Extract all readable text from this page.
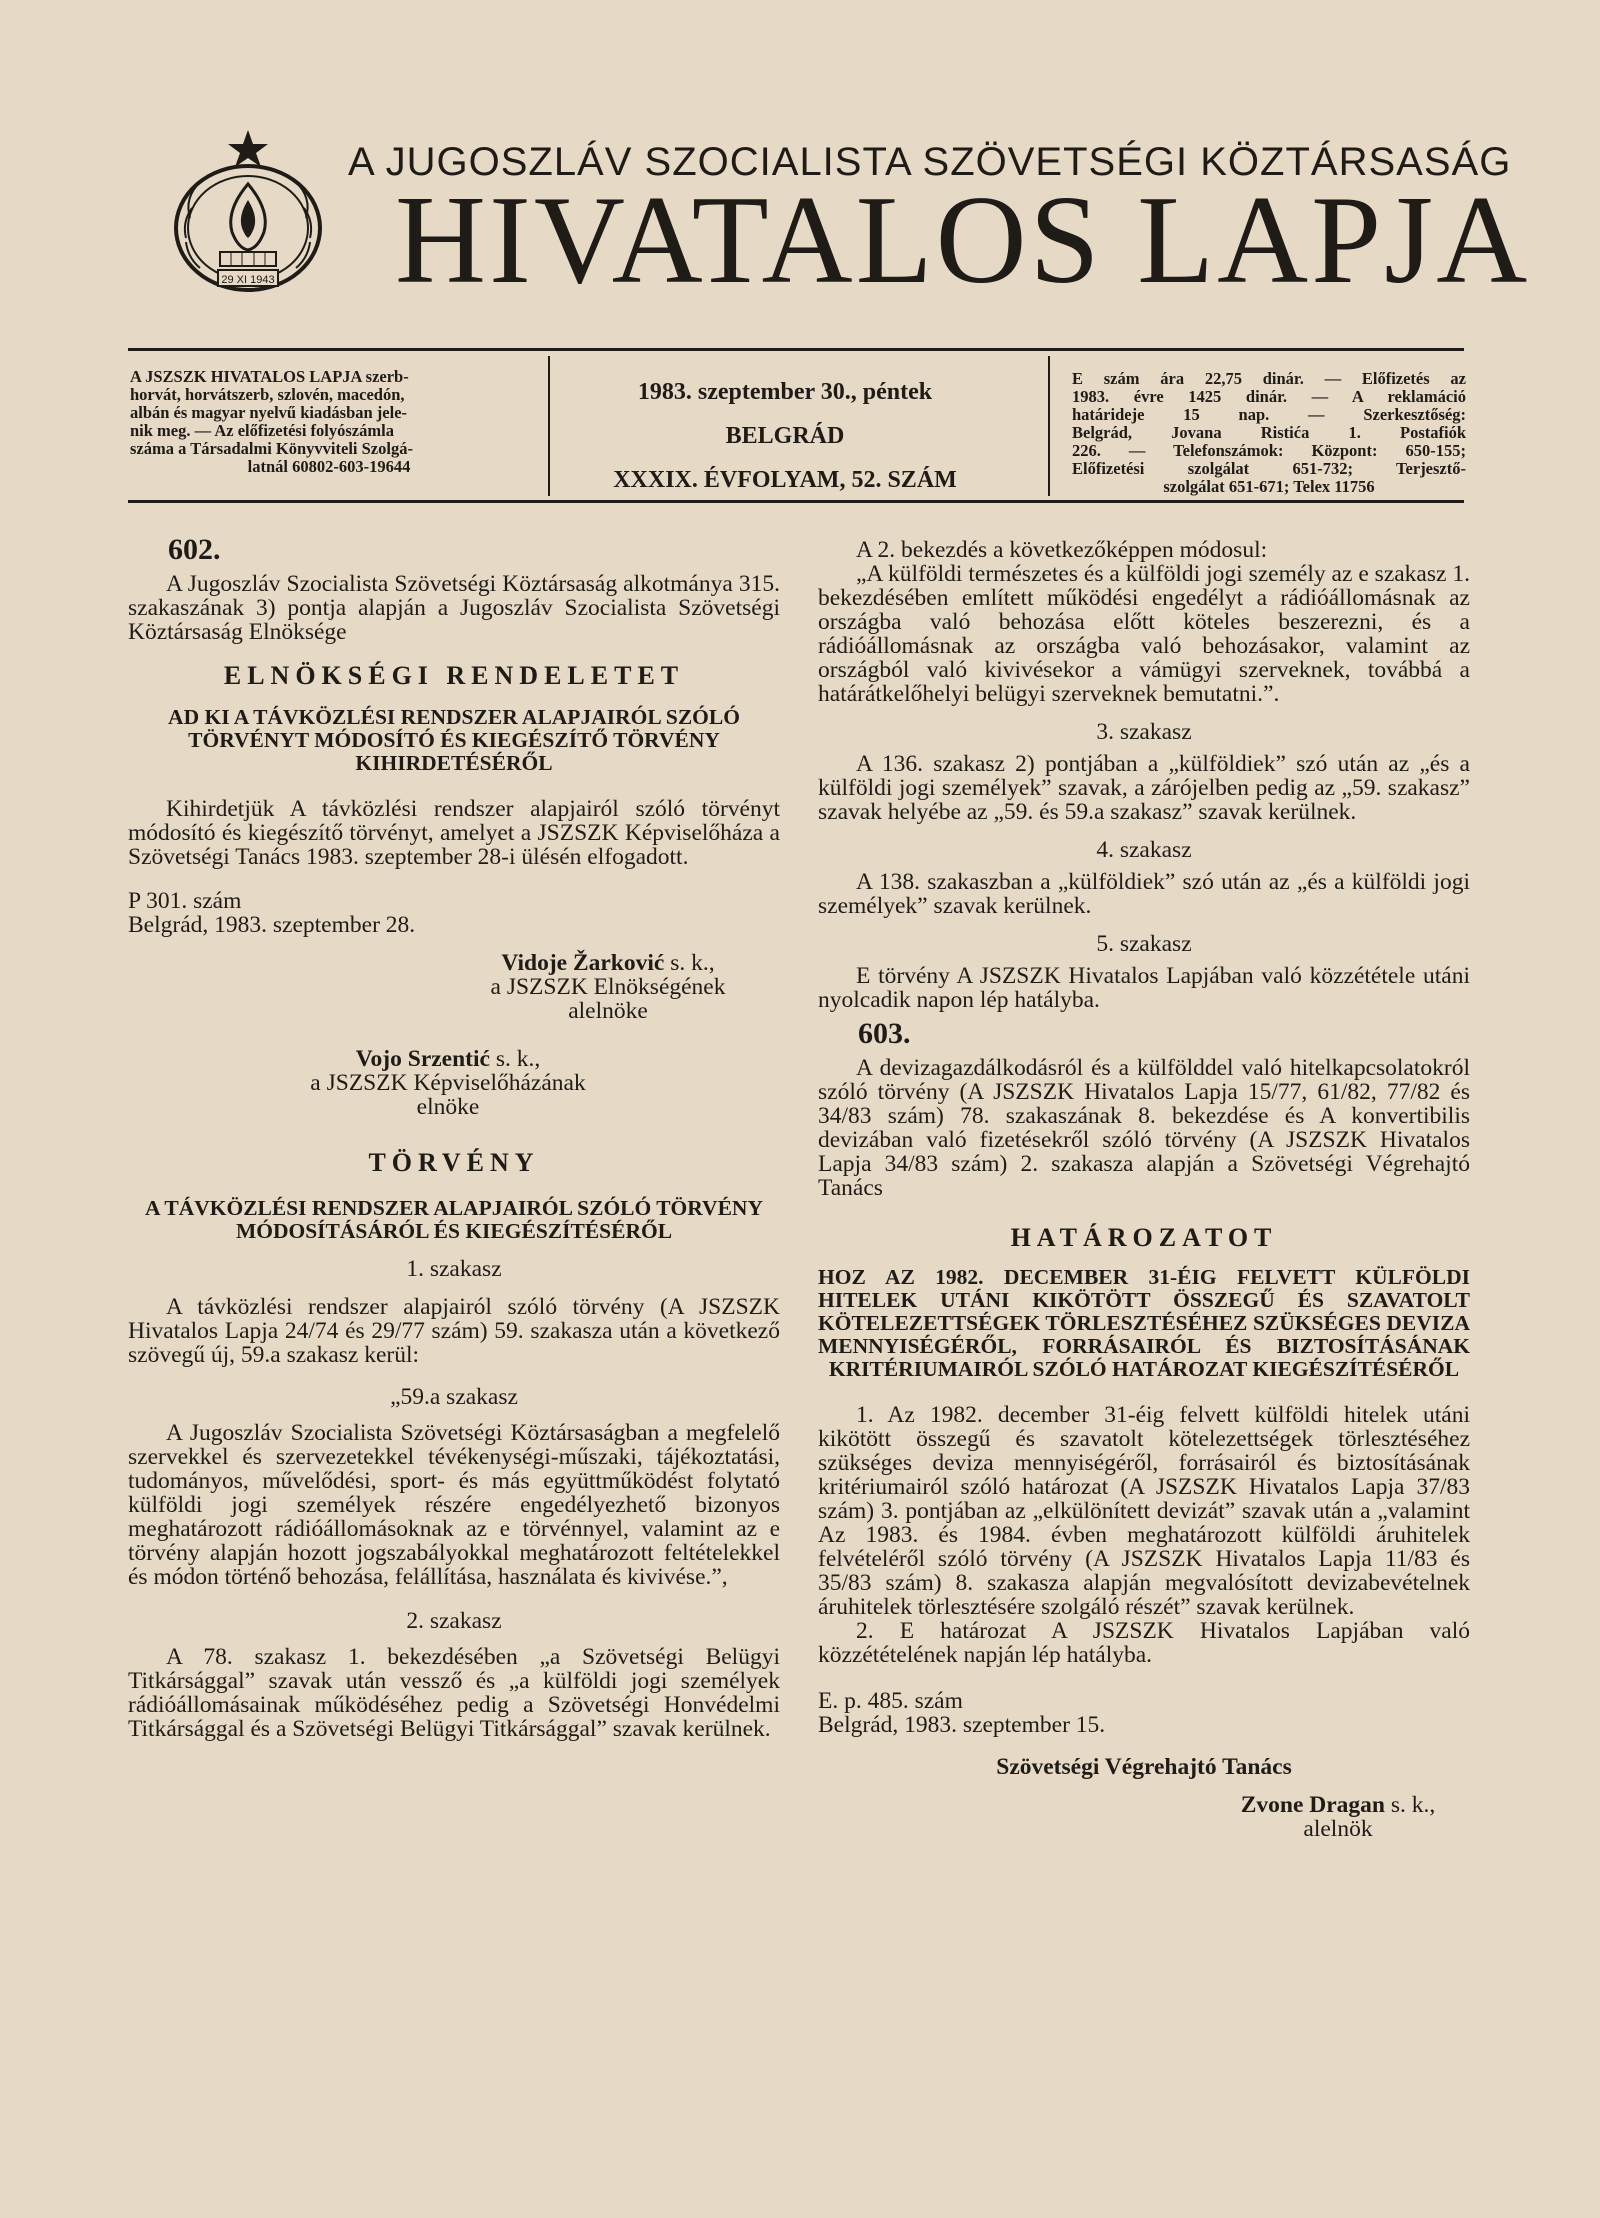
29 XI 1943
A JUGOSZLÁV SZOCIALISTA SZÖVETSÉGI KÖZTÁRSASÁG
HIVATALOS LAPJA
A JSZSZK HIVATALOS LAPJA szerb-
horvát, horvátszerb, szlovén, macedón,
albán és magyar nyelvű kiadásban jele-
nik meg. — Az előfizetési folyószámla
száma a Társadalmi Könyvviteli Szolgá-
latnál 60802-603-19644
1983. szeptember 30., péntek
BELGRÁD
XXXIX. ÉVFOLYAM, 52. SZÁM
E szám ára 22,75 dinár. — Előfizetés az
1983. évre 1425 dinár. — A reklamáció
határideje 15 nap. — Szerkesztőség:
Belgrád, Jovana Ristića 1. Postafiók
226. — Telefonszámok: Központ: 650-155;
Előfizetési szolgálat 651-732; Terjesztő-
szolgálat 651-671; Telex 11756
602.

A Jugoszláv Szocialista Szövetségi Köztársaság alkotmánya 315. szakaszának 3) pontja alapján a Jugoszláv Szocialista Szövetségi Köztársaság Elnöksége

ELNÖKSÉGI RENDELETET
AD KI A TÁVKÖZLÉSI RENDSZER ALAPJAIRÓL SZÓLÓ TÖRVÉNYT MÓDOSÍTÓ ÉS KIEGÉSZÍTŐ TÖRVÉNY KIHIRDETÉSÉRŐL

Kihirdetjük A távközlési rendszer alapjairól szóló törvényt módosító és kiegészítő törvényt, amelyet a JSZSZK Képviselőháza a Szövetségi Tanács 1983. szeptember 28-i ülésén elfogadott.

P 301. szám
Belgrád, 1983. szeptember 28.
Vidoje Žarković s. k.,
a JSZSZK Elnökségének
alelnöke
Vojo Srzentić s. k.,
a JSZSZK Képviselőházának
elnöke
TÖRVÉNY
A TÁVKÖZLÉSI RENDSZER ALAPJAIRÓL SZÓLÓ TÖRVÉNY MÓDOSÍTÁSÁRÓL ÉS KIEGÉSZÍTÉSÉRŐL
1. szakasz

A távközlési rendszer alapjairól szóló törvény (A JSZSZK Hivatalos Lapja 24/74 és 29/77 szám) 59. szakasza után a következő szövegű új, 59.a szakasz kerül:

„59.a szakasz

A Jugoszláv Szocialista Szövetségi Köztársaságban a megfelelő szervekkel és szervezetekkel tévékenységi-műszaki, tájékoztatási, tudományos, művelődési, sport- és más együttműködést folytató külföldi jogi személyek részére engedélyezhető bizonyos meghatározott rádióállomásoknak az e törvénnyel, valamint az e törvény alapján hozott jogszabályokkal meghatározott feltételekkel és módon történő behozása, felállítása, használata és kivivése.”,

2. szakasz

A 78. szakasz 1. bekezdésében „a Szövetségi Belügyi Titkársággal” szavak után vessző és „a külföldi jogi személyek rádióállomásainak működéséhez pedig a Szövetségi Honvédelmi Titkársággal és a Szövetségi Belügyi Titkársággal” szavak kerülnek.

A 2. bekezdés a következőképpen módosul:

„A külföldi természetes és a külföldi jogi személy az e szakasz 1. bekezdésében említett működési engedélyt a rádióállomásnak az országba való behozása előtt köteles beszerezni, és a rádióállomásnak az országba való behozásakor, valamint az országból való kivivésekor a vámügyi szerveknek, továbbá a határátkelőhelyi belügyi szerveknek bemutatni.”.

3. szakasz

A 136. szakasz 2) pontjában a „külföldiek” szó után az „és a külföldi jogi személyek” szavak, a zárójelben pedig az „59. szakasz” szavak helyébe az „59. és 59.a szakasz” szavak kerülnek.

4. szakasz

A 138. szakaszban a „külföldiek” szó után az „és a külföldi jogi személyek” szavak kerülnek.

5. szakasz

E törvény A JSZSZK Hivatalos Lapjában való közzététele utáni nyolcadik napon lép hatályba.

603.

A devizagazdálkodásról és a külfölddel való hitelkapcsolatokról szóló törvény (A JSZSZK Hivatalos Lapja 15/77, 61/82, 77/82 és 34/83 szám) 78. szakaszának 8. bekezdése és A konvertibilis devizában való fizetésekről szóló törvény (A JSZSZK Hivatalos Lapja 34/83 szám) 2. szakasza alapján a Szövetségi Végrehajtó Tanács

HATÁROZATOT
HOZ AZ 1982. DECEMBER 31-ÉIG FELVETT KÜLFÖLDI HITELEK UTÁNI KIKÖTÖTT ÖSSZEGŰ ÉS SZAVATOLT KÖTELEZETTSÉGEK TÖRLESZTÉSÉHEZ SZÜKSÉGES DEVIZA MENNYISÉGÉRŐL, FORRÁSAIRÓL ÉS BIZTOSÍTÁSÁNAK KRITÉRIUMAIRÓL SZÓLÓ HATÁROZAT KIEGÉSZÍTÉSÉRŐL

1. Az 1982. december 31-éig felvett külföldi hitelek utáni kikötött összegű és szavatolt kötelezettségek törlesztéséhez szükséges deviza mennyiségéről, forrásairól és biztosításának kritériumairól szóló határozat (A JSZSZK Hivatalos Lapja 37/83 szám) 3. pontjában az „elkülönített devizát” szavak után a „valamint Az 1983. és 1984. évben meghatározott külföldi áruhitelek felvételéről szóló törvény (A JSZSZK Hivatalos Lapja 11/83 és 35/83 szám) 8. szakasza alapján megvalósított devizabevételnek áruhitelek törlesztésére szolgáló részét” szavak kerülnek.

2. E határozat A JSZSZK Hivatalos Lapjában való közzétételének napján lép hatályba.

E. p. 485. szám
Belgrád, 1983. szeptember 15.
Szövetségi Végrehajtó Tanács
Zvone Dragan s. k.,
alelnök
